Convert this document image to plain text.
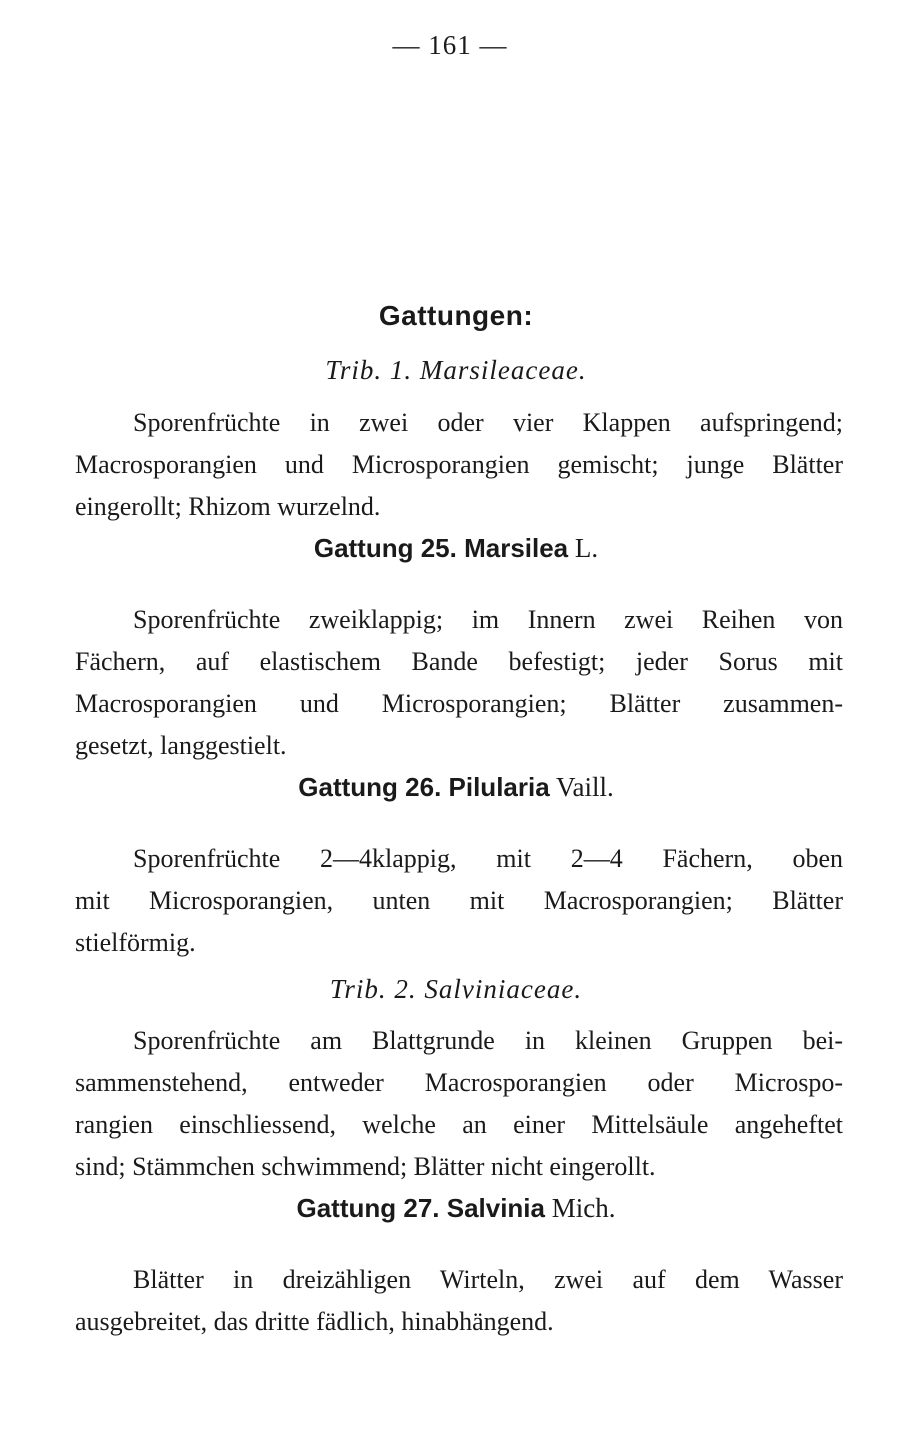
— 161 —
Gattungen:
Trib. 1. Marsileaceae.
Sporenfrüchte in zwei oder vier Klappen aufspringend;
Macrosporangien und Microsporangien gemischt; junge Blätter
eingerollt; Rhizom wurzelnd.
Gattung 25. Marsilea L.
Sporenfrüchte zweiklappig; im Innern zwei Reihen von
Fächern, auf elastischem Bande befestigt; jeder Sorus mit
Macrosporangien und Microsporangien; Blätter zusammen-
gesetzt, langgestielt.
Gattung 26. Pilularia Vaill.
Sporenfrüchte 2—4klappig, mit 2—4 Fächern, oben
mit Microsporangien, unten mit Macrosporangien; Blätter
stielförmig.
Trib. 2. Salviniaceae.
Sporenfrüchte am Blattgrunde in kleinen Gruppen bei-
sammenstehend, entweder Macrosporangien oder Microspo-
rangien einschliessend, welche an einer Mittelsäule angeheftet
sind; Stämmchen schwimmend; Blätter nicht eingerollt.
Gattung 27. Salvinia Mich.
Blätter in dreizähligen Wirteln, zwei auf dem Wasser
ausgebreitet, das dritte fädlich, hinabhängend.
